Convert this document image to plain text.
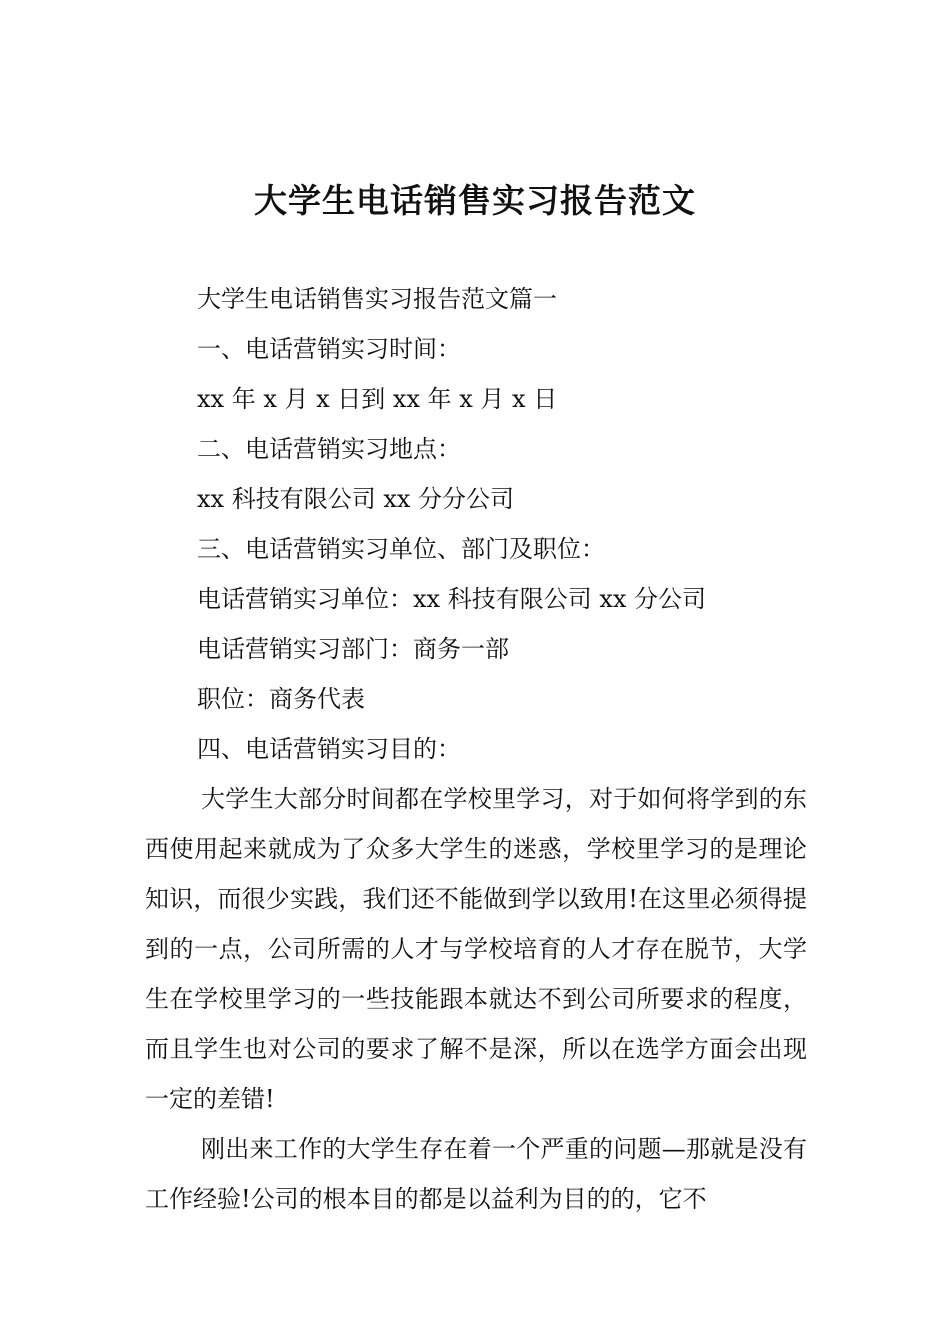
大学生电话销售实习报告范文

大学生电话销售实习报告范文篇一

一、电话营销实习时间：

xx 年 x 月 x 日到 xx 年 x 月 x 日

二、电话营销实习地点：

xx 科技有限公司 xx 分分公司

三、电话营销实习单位、部门及职位：

电话营销实习单位：xx 科技有限公司 xx 分公司

电话营销实习部门：商务一部

职位：商务代表

四、电话营销实习目的：

大学生大部分时间都在学校里学习，对于如何将学到的东西使用起来就成为了众多大学生的迷惑，学校里学习的是理论知识，而很少实践，我们还不能做到学以致用!在这里必须得提到的一点，公司所需的人才与学校培育的人才存在脱节，大学生在学校里学习的一些技能跟本就达不到公司所要求的程度，而且学生也对公司的要求了解不是深，所以在选学方面会出现一定的差错!

刚出来工作的大学生存在着一个严重的问题—那就是没有工作经验!公司的根本目的都是以益利为目的的，它不
